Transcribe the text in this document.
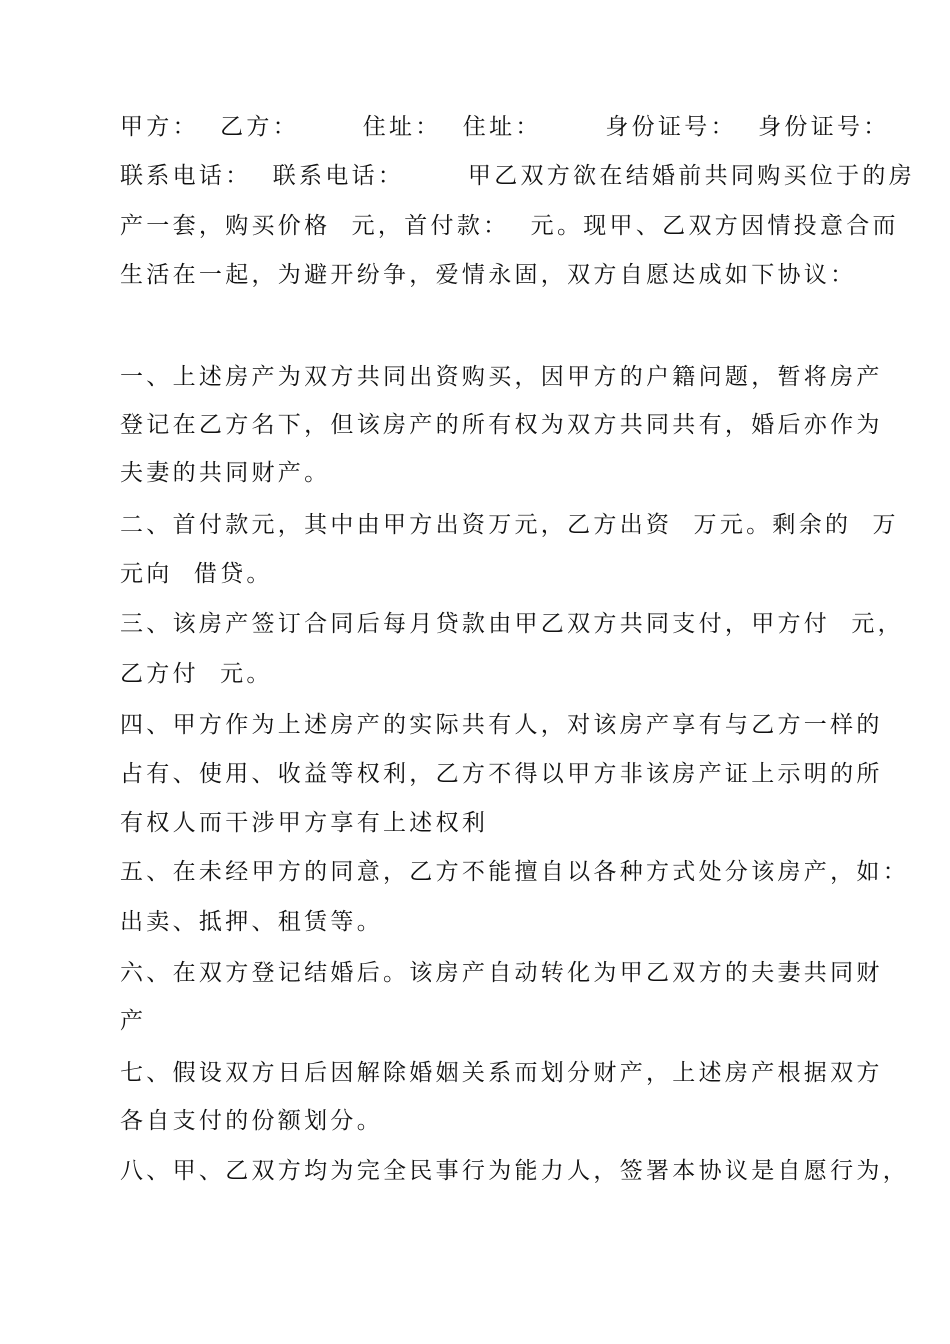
甲方：  乙方：      住址：  住址：      身份证号：  身份证号：
联系电话：  联系电话：      甲乙双方欲在结婚前共同购买位于的房
产一套，购买价格  元，首付款：  元。现甲、乙双方因情投意合而
生活在一起，为避开纷争，爱情永固，双方自愿达成如下协议：
一、上述房产为双方共同出资购买，因甲方的户籍问题，暂将房产
登记在乙方名下，但该房产的所有权为双方共同共有，婚后亦作为
夫妻的共同财产。
二、首付款元，其中由甲方出资万元，乙方出资  万元。剩余的  万
元向  借贷。
三、该房产签订合同后每月贷款由甲乙双方共同支付，甲方付  元，
乙方付  元。
四、甲方作为上述房产的实际共有人，对该房产享有与乙方一样的
占有、使用、收益等权利，乙方不得以甲方非该房产证上示明的所
有权人而干涉甲方享有上述权利
五、在未经甲方的同意，乙方不能擅自以各种方式处分该房产，如：
出卖、抵押、租赁等。
六、在双方登记结婚后。该房产自动转化为甲乙双方的夫妻共同财
产
七、假设双方日后因解除婚姻关系而划分财产，上述房产根据双方
各自支付的份额划分。
八、甲、乙双方均为完全民事行为能力人，签署本协议是自愿行为，
